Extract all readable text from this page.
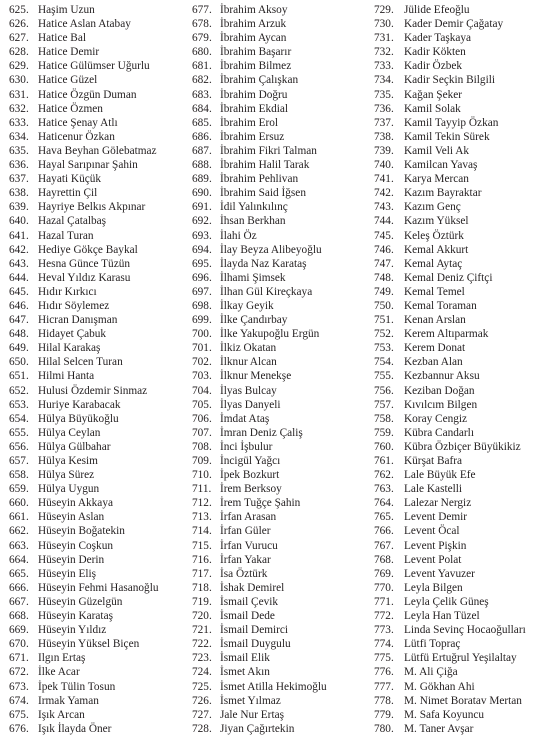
625. Haşim Uzun
626. Hatice Aslan Atabay
627. Hatice Bal
628. Hatice Demir
629. Hatice Gülümser Uğurlu
630. Hatice Güzel
631. Hatice Özgün Duman
632. Hatice Özmen
633. Hatice Şenay Atlı
634. Haticenur Özkan
635. Hava Beyhan Gölebatmaz
636. Hayal Sarıpınar Şahin
637. Hayati Küçük
638. Hayrettin Çil
639. Hayriye Belkıs Akpınar
640. Hazal Çatalbaş
641. Hazal Turan
642. Hediye Gökçe Baykal
643. Hesna Günce Tüzün
644. Heval Yıldız Karasu
645. Hıdır Kırkıcı
646. Hıdır Söylemez
647. Hicran Danışman
648. Hidayet Çabuk
649. Hilal Karakaş
650. Hilal Selcen Turan
651. Hilmi Hanta
652. Hulusi Özdemir Sinmaz
653. Huriye Karabacak
654. Hülya Büyükoğlu
655. Hülya Ceylan
656. Hülya Gülbahar
657. Hülya Kesim
658. Hülya Sürez
659. Hülya Uygun
660. Hüseyin Akkaya
661. Hüseyin Aslan
662. Hüseyin Boğatekin
663. Hüseyin Coşkun
664. Hüseyin Derin
665. Hüseyin Eliş
666. Hüseyin Fehmi Hasanoğlu
667. Hüseyin Güzelgün
668. Hüseyin Karataş
669. Hüseyin Yıldız
670. Hüseyin Yüksel Biçen
671. Ilgın Ertaş
672. İlke Acar
673. İpek Tülin Tosun
674. Irmak Yaman
675. Işık Arcan
676. Işık İlayda Öner
677. İbrahim Aksoy
678. İbrahim Arzuk
679. İbrahim Aycan
680. İbrahim Başarır
681. İbrahim Bilmez
682. İbrahim Çalışkan
683. İbrahim Doğru
684. İbrahim Ekdial
685. İbrahim Erol
686. İbrahim Ersuz
687. İbrahim Fikri Talman
688. İbrahim Halil Tarak
689. İbrahim Pehlivan
690. İbrahim Said İğsen
691. İdil Yalınkılınç
692. İhsan Berkhan
693. İlahi Öz
694. İlay Beyza Alibeyoğlu
695. İlayda Naz Karataş
696. İlhami Şimsek
697. İlhan Gül Kireçkaya
698. İlkay Geyik
699. İlke Çandırbay
700. İlke Yakupoğlu Ergün
701. İlkiz Okatan
702. İlknur Alcan
703. İlknur Menekşe
704. İlyas Bulcay
705. İlyas Danyeli
706. İmdat Ataş
707. İmran Deniz Çaliş
708. İnci İşbulur
709. İncigül Yağcı
710. İpek Bozkurt
711. İrem Berksoy
712. İrem Tuğçe Şahin
713. İrfan Arasan
714. İrfan Güler
715. İrfan Vurucu
716. İrfan Yakar
717. İsa Öztürk
718. İshak Demirel
719. İsmail Çevik
720. İsmail Dede
721. İsmail Demirci
722. İsmail Duygulu
723. İsmail Elik
724. İsmet Akın
725. İsmet Atilla Hekimoğlu
726. İsmet Yılmaz
727. Jale Nur Ertaş
728. Jiyan Çağırtekin
729. Jülide Efeoğlu
730. Kader Demir Çağatay
731. Kader Taşkaya
732. Kadir Kökten
733. Kadir Özbek
734. Kadir Seçkin Bilgili
735. Kağan Şeker
736. Kamil Solak
737. Kamil Tayyip Özkan
738. Kamil Tekin Sürek
739. Kamil Veli Ak
740. Kamilcan Yavaş
741. Karya Mercan
742. Kazım Bayraktar
743. Kazım Genç
744. Kazım Yüksel
745. Keleş Öztürk
746. Kemal Akkurt
747. Kemal Aytaç
748. Kemal Deniz Çiftçi
749. Kemal Temel
750. Kemal Toraman
751. Kenan Arslan
752. Kerem Altıparmak
753. Kerem Donat
754. Kezban Alan
755. Kezbannur Aksu
756. Keziban Doğan
757. Kıvılcım Bilgen
758. Koray Cengiz
759. Kübra Candarlı
760. Kübra Özbiçer Büyükikiz
761. Kürşat Bafra
762. Lale Büyük Efe
763. Lale Kastelli
764. Lalezar Nergiz
765. Levent Demir
766. Levent Öcal
767. Levent Pişkin
768. Levent Polat
769. Levent Yavuzer
770. Leyla Bilgen
771. Leyla Çelik Güneş
772. Leyla Han Tüzel
773. Linda Sevinç Hocaoğulları
774. Lütfi Topraç
775. Lütfü Ertuğrul Yeşilaltay
776. M. Ali Çiğa
777. M. Gökhan Ahi
778. M. Nimet Boratav Mertan
779. M. Safa Koyuncu
780. M. Taner Avşar
